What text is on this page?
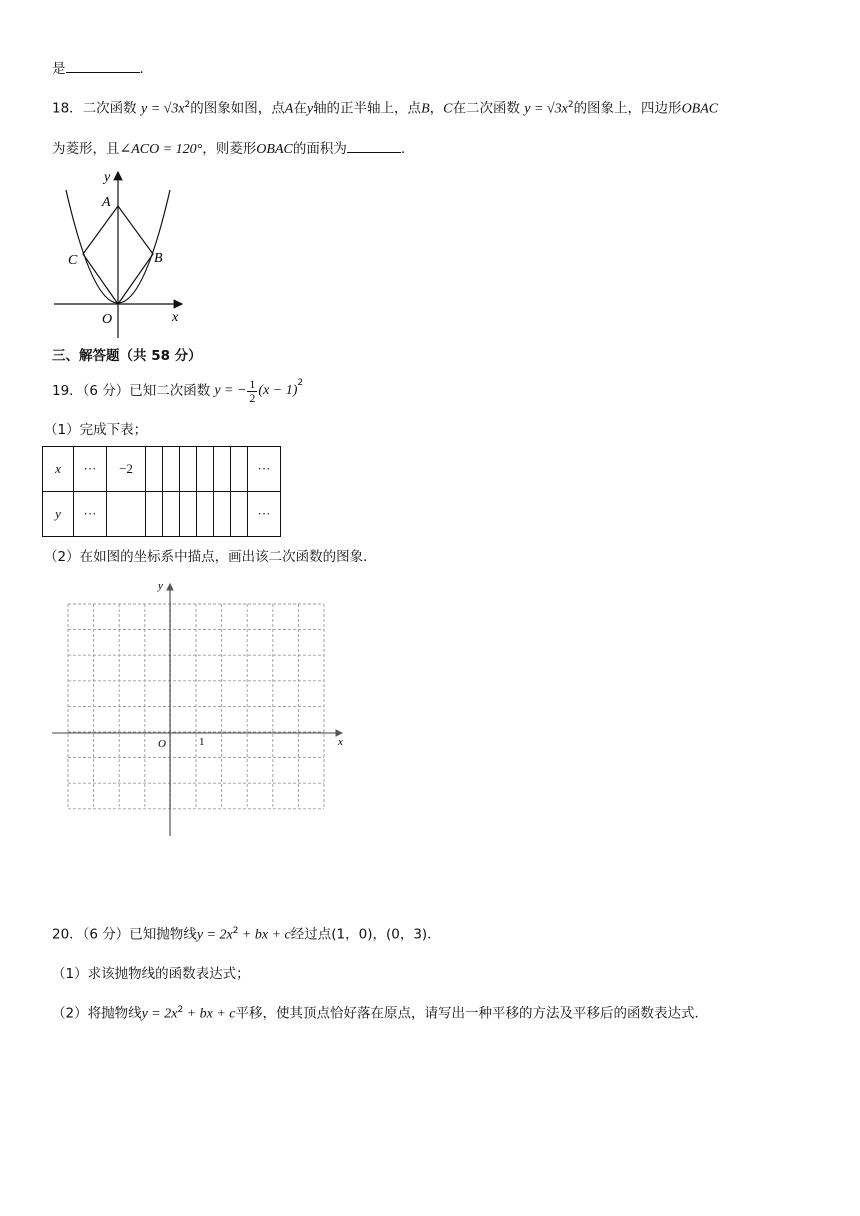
是	.
18．二次函数 $y = √3x^2$的图象如图，点A在y轴的正半轴上，点B，C在二次函数 $y = √3x^2$的图象上，四边形OBAC
为菱形，且∠ACO = 120°，则菱形OBAC的面积为	.
y
A
C	B
O	x
三、解答题（共 58 分）
19．（6 分）已知二次函数 y = − $\frac{1}{2} (x - 1)^2$
（1）完成下表；
x	···	−2							···
y	···								···
（2）在如图的坐标系中描点，画出该二次函数的图象．
y
x
O	1
20．（6 分）已知抛物线$y = 2x^2$ + bx + c经过点(1，0)，(0，3)．
（1）求该抛物线的函数表达式；
（2）将抛物线$y = 2x^2$ + bx + c平移，使其顶点恰好落在原点，请写出一种平移的方法及平移后的函数表达式．
